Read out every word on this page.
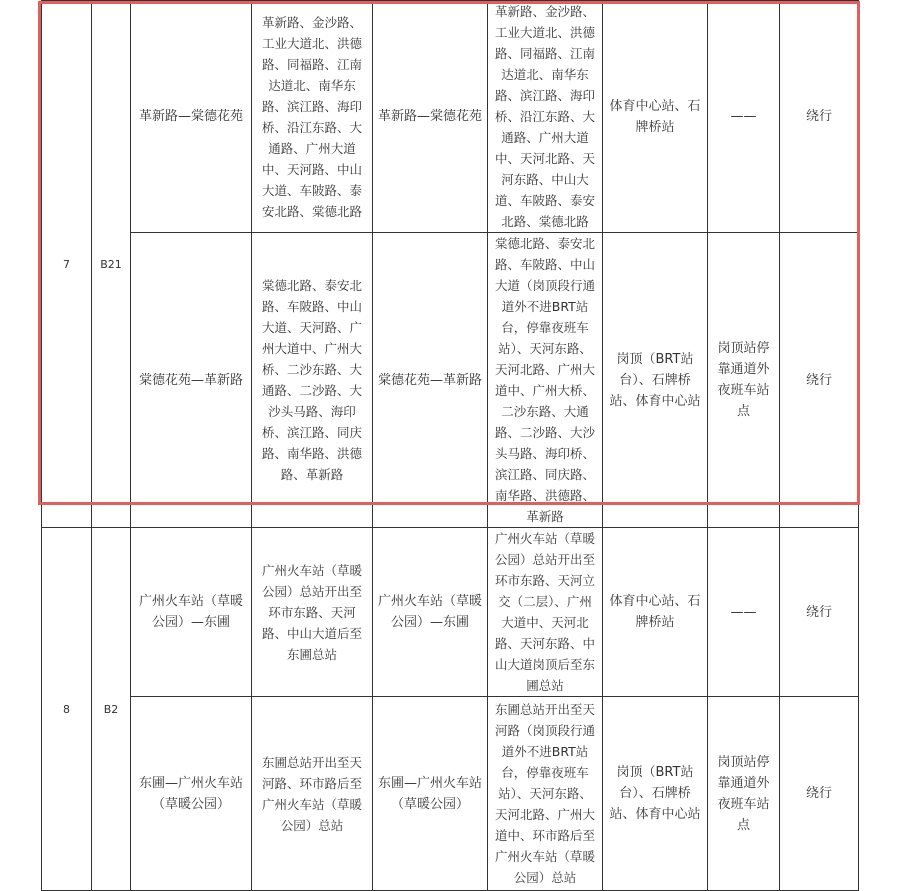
7	B21	革新路—棠德花苑	革新路、金沙路、工业大道北、洪德路、同福路、江南达道北、南华东路、滨江路、海印桥、沿江东路、大通路、广州大道中、天河路、中山大道、车陂路、泰安北路、棠德北路	革新路—棠德花苑	革新路、金沙路、工业大道北、洪德路、同福路、江南达道北、南华东路、滨江路、海印桥、沿江东路、大通路、广州大道中、天河北路、天河东路、中山大道、车陂路、泰安北路、棠德北路	体育中心站、石牌桥站	——	绕行
		棠德花苑—革新路	棠德北路、泰安北路、车陂路、中山大道、天河路、广州大道中、广州大桥、二沙东路、大通路、二沙路、大沙头马路、海印桥、滨江路、同庆路、南华路、洪德路、革新路	棠德花苑—革新路	棠德北路、泰安北路、车陂路、中山大道（岗顶段行通道外不进BRT站台，停靠夜班车站）、天河东路、天河北路、广州大道中、广州大桥、二沙东路、大通路、二沙路、大沙头马路、海印桥、滨江路、同庆路、南华路、洪德路、革新路	岗顶（BRT站台）、石牌桥站、体育中心站	岗顶站停靠通道外夜班车站点	绕行
8	B2	广州火车站（草暖公园）—东圃	广州火车站（草暖公园）总站开出至环市东路、天河路、中山大道后至东圃总站	广州火车站（草暖公园）—东圃	广州火车站（草暖公园）总站开出至环市东路、天河立交（二层）、广州大道中、天河北路、天河东路、中山大道岗顶后至东圃总站	体育中心站、石牌桥站	——	绕行
		东圃—广州火车站（草暖公园）	东圃总站开出至天河路、环市路后至广州火车站（草暖公园）总站	东圃—广州火车站（草暖公园）	东圃总站开出至天河路（岗顶段行通道外不进BRT站台，停靠夜班车站）、天河东路、天河北路、广州大道中、环市路后至广州火车站（草暖公园）总站	岗顶（BRT站台）、石牌桥站、体育中心站	岗顶站停靠通道外夜班车站点	绕行
